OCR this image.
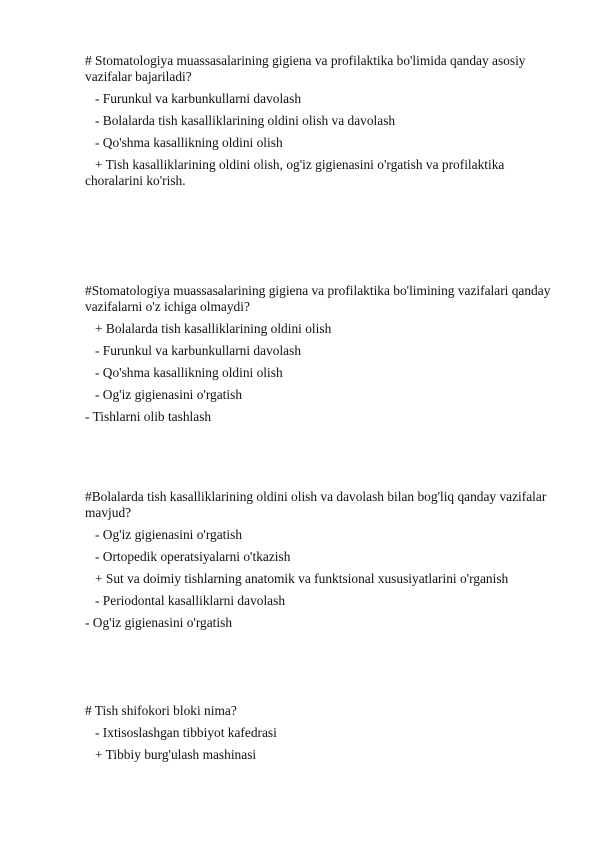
# Stomatologiya muassasalarining gigiena va profilaktika bo'limida qanday asosiy vazifalar bajariladi?
- Furunkul va karbunkullarni davolash
- Bolalarda tish kasalliklarining oldini olish va davolash
- Qo'shma kasallikning oldini olish
+ Tish kasalliklarining oldini olish, og'iz gigienasini o'rgatish va profilaktika choralarini ko'rish.
#Stomatologiya muassasalarining gigiena va profilaktika bo'limining vazifalari qanday vazifalarni o'z ichiga olmaydi?
+ Bolalarda tish kasalliklarining oldini olish
- Furunkul va karbunkullarni davolash
- Qo'shma kasallikning oldini olish
- Og'iz gigienasini o'rgatish
- Tishlarni olib tashlash
#Bolalarda tish kasalliklarining oldini olish va davolash bilan bog'liq qanday vazifalar mavjud?
- Og'iz gigienasini o'rgatish
- Ortopedik operatsiyalarni o'tkazish
+ Sut va doimiy tishlarning anatomik va funktsional xususiyatlarini o'rganish
- Periodontal kasalliklarni davolash
- Og'iz gigienasini o'rgatish
# Tish shifokori bloki nima?
- Ixtisoslashgan tibbiyot kafedrasi
+ Tibbiy burg'ulash mashinasi
